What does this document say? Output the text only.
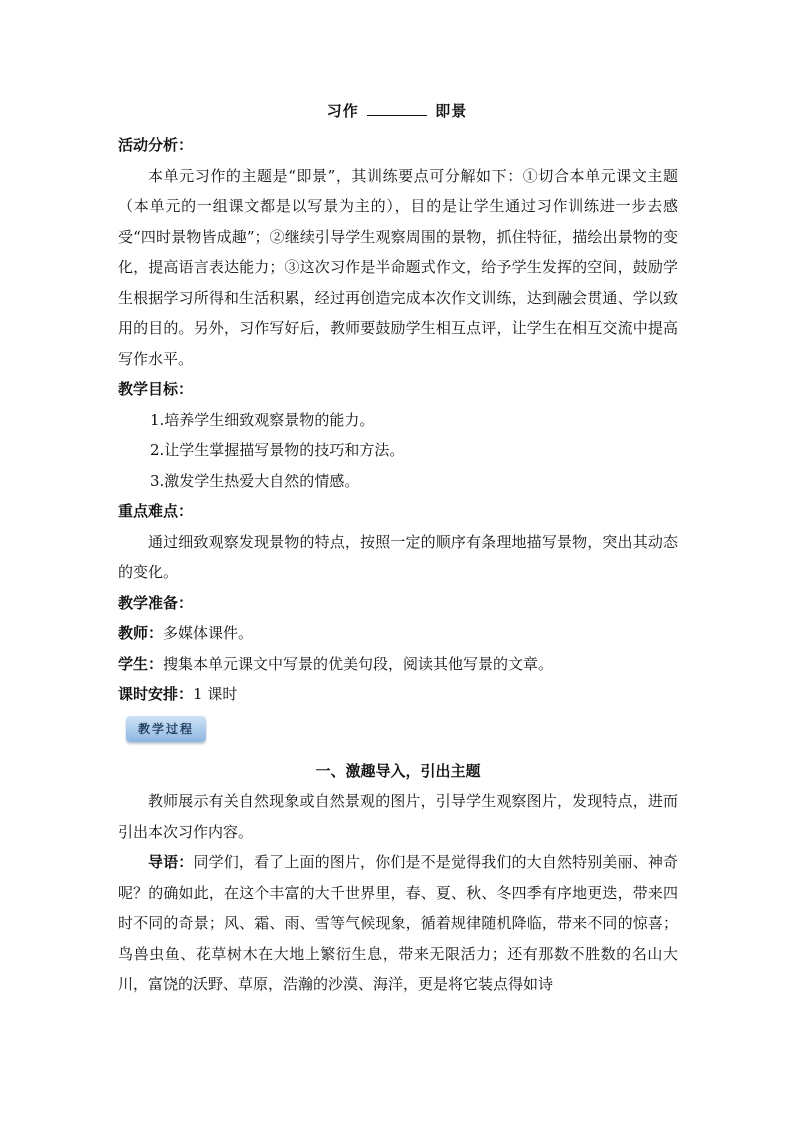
习作	即景

活动分析：

本单元习作的主题是“即景”，其训练要点可分解如下：①切合本单元课文主题（本单元的一组课文都是以写景为主的），目的是让学生通过习作训练进一步去感受“四时景物皆成趣”；②继续引导学生观察周围的景物，抓住特征，描绘出景物的变化，提高语言表达能力；③这次习作是半命题式作文，给予学生发挥的空间，鼓励学生根据学习所得和生活积累，经过再创造完成本次作文训练，达到融会贯通、学以致用的目的。另外，习作写好后，教师要鼓励学生相互点评，让学生在相互交流中提高写作水平。

教学目标：

1.培养学生细致观察景物的能力。

2.让学生掌握描写景物的技巧和方法。

3.激发学生热爱大自然的情感。

重点难点：

通过细致观察发现景物的特点，按照一定的顺序有条理地描写景物，突出其动态的变化。

教学准备：

教师：多媒体课件。

学生：搜集本单元课文中写景的优美句段，阅读其他写景的文章。

课时安排：1 课时

教学过程

一、激趣导入，引出主题

教师展示有关自然现象或自然景观的图片，引导学生观察图片，发现特点，进而引出本次习作内容。

导语：同学们，看了上面的图片，你们是不是觉得我们的大自然特别美丽、神奇呢？的确如此，在这个丰富的大千世界里，春、夏、秋、冬四季有序地更迭，带来四时不同的奇景；风、霜、雨、雪等气候现象，循着规律随机降临，带来不同的惊喜；鸟兽虫鱼、花草树木在大地上繁衍生息，带来无限活力；还有那数不胜数的名山大川，富饶的沃野、草原，浩瀚的沙漠、海洋，更是将它装点得如诗
